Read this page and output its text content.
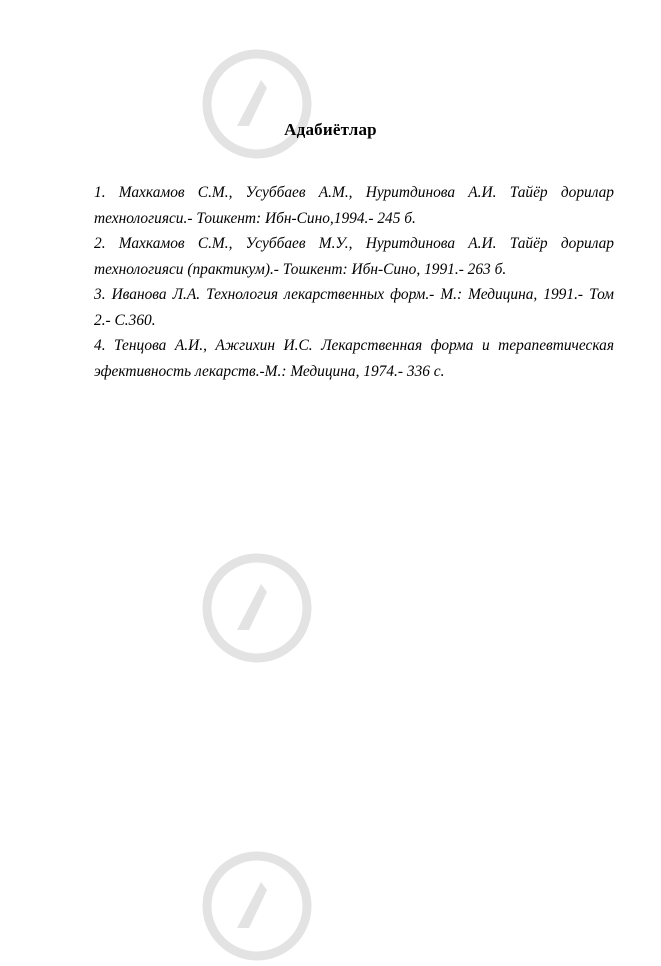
Адабиётлар

1. Махкамов С.М., Усуббаев А.М., Нуритдинова А.И. Тайёр дорилар технологияси.- Тошкент: Ибн-Сино,1994.- 245 б.

2. Махкамов С.М., Усуббаев М.У., Нуритдинова А.И. Тайёр дорилар технологияси (практикум).- Тошкент: Ибн-Сино, 1991.- 263 б.

3. Иванова Л.А. Технология лекарственных форм.- М.: Медицина, 1991.- Том 2.- С.360.

4. Тенцова А.И., Ажгихин И.С. Лекарственная форма и терапевтическая эфективность лекарств.-М.: Медицина, 1974.- 336 с.
